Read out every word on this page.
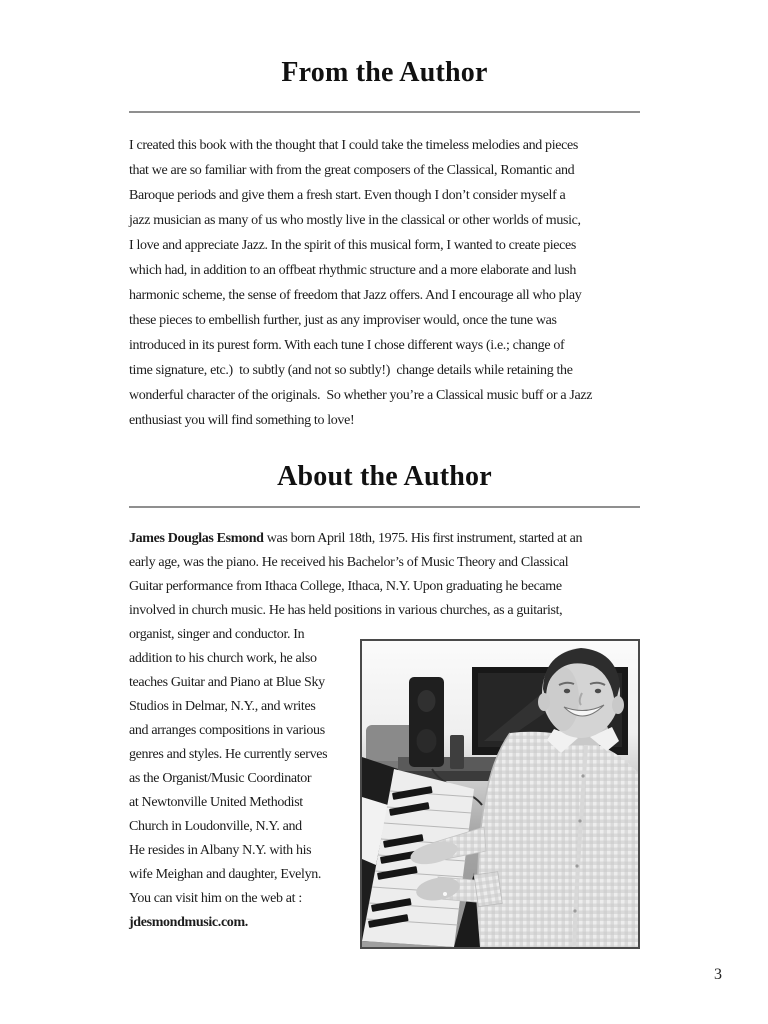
From the Author
I created this book with the thought that I could take the timeless melodies and pieces
that we are so familiar with from the great composers of the Classical, Romantic and
Baroque periods and give them a fresh start. Even though I don’t consider myself a
jazz musician as many of us who mostly live in the classical or other worlds of music,
I love and appreciate Jazz. In the spirit of this musical form, I wanted to create pieces
which had, in addition to an offbeat rhythmic structure and a more elaborate and lush
harmonic scheme, the sense of freedom that Jazz offers. And I encourage all who play
these pieces to embellish further, just as any improviser would, once the tune was
introduced in its purest form. With each tune I chose different ways (i.e.; change of
time signature, etc.)  to subtly (and not so subtly!)  change details while retaining the
wonderful character of the originals.  So whether you’re a Classical music buff or a Jazz
enthusiast you will find something to love!
About the Author
James Douglas Esmond was born April 18th, 1975. His first instrument, started at an
early age, was the piano. He received his Bachelor’s of Music Theory and Classical
Guitar performance from Ithaca College, Ithaca, N.Y. Upon graduating he became
involved in church music. He has held positions in various churches, as a guitarist,
organist, singer and conductor. In
addition to his church work, he also
teaches Guitar and Piano at Blue Sky
Studios in Delmar, N.Y., and writes
and arranges compositions in various
genres and styles. He currently serves
as the Organist/Music Coordinator
at Newtonville United Methodist
Church in Loudonville, N.Y. and
He resides in Albany N.Y. with his
wife Meighan and daughter, Evelyn.
You can visit him on the web at :
jdesmondmusic.com.
3
